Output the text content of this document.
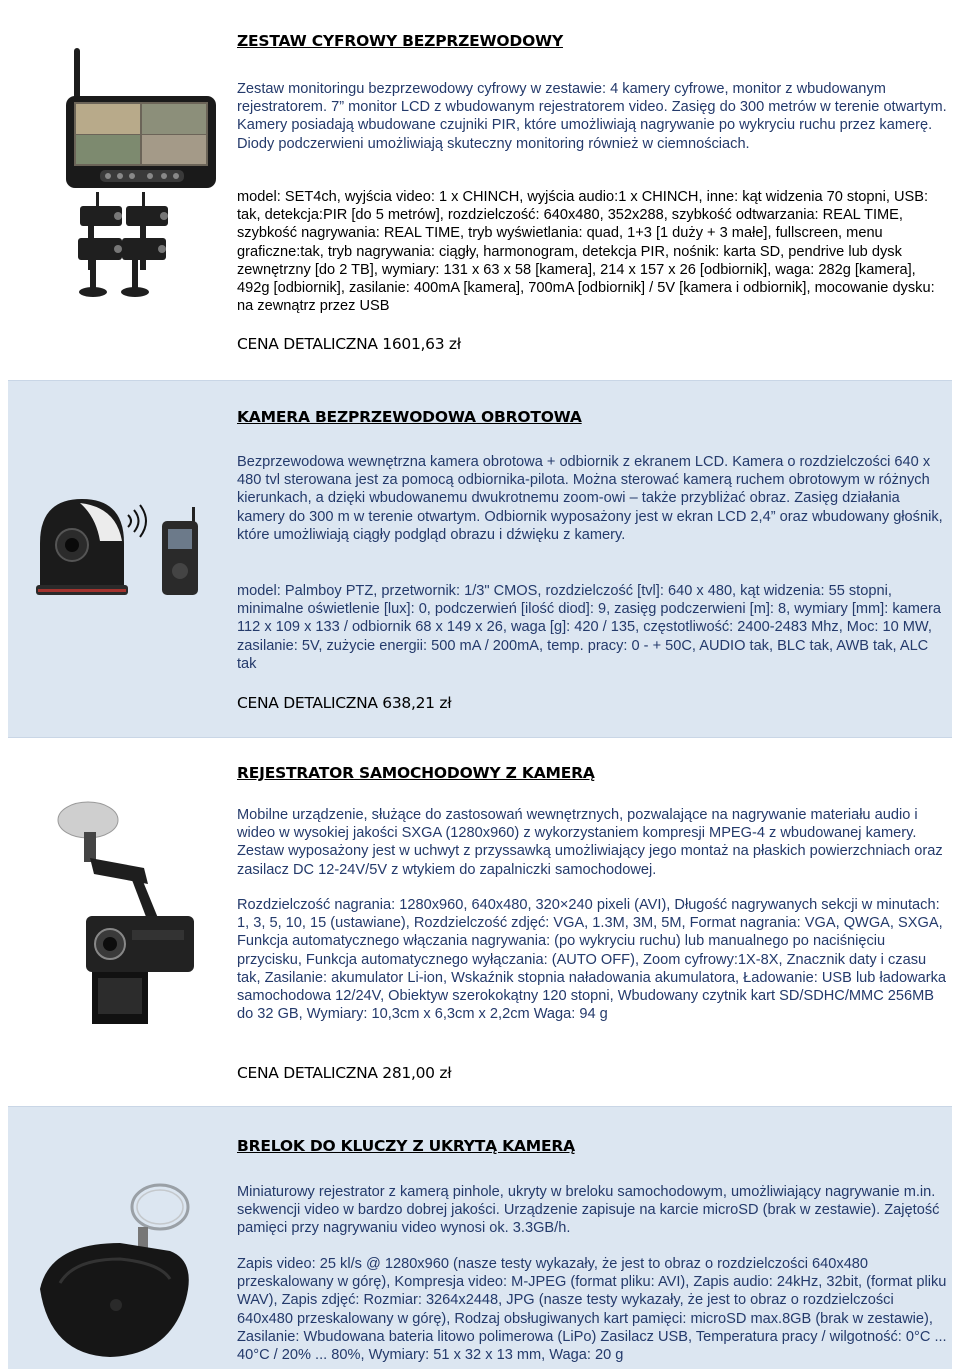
ZESTAW CYFROWY BEZPRZEWODOWY

Zestaw monitoringu bezprzewodowy cyfrowy w zestawie: 4 kamery cyfrowe, monitor z wbudowanym rejestratorem. 7” monitor LCD z wbudowanym rejestratorem video. Zasięg do 300 metrów w terenie otwartym. Kamery posiadają wbudowane czujniki PIR, które umożliwiają nagrywanie po wykryciu ruchu przez kamerę. Diody podczerwieni umożliwiają skuteczny monitoring również w ciemnościach.

model: SET4ch, wyjścia video: 1 x CHINCH, wyjścia audio:1 x CHINCH, inne: kąt widzenia 70 stopni, USB: tak, detekcja:PIR [do 5 metrów], rozdzielczość: 640x480, 352x288, szybkość odtwarzania: REAL TIME, szybkość nagrywania: REAL TIME, tryb wyświetlania: quad, 1+3 [1 duży + 3 małe], fullscreen, menu graficzne:tak, tryb nagrywania: ciągły, harmonogram, detekcja PIR, nośnik: karta SD, pendrive lub dysk zewnętrzny [do 2 TB], wymiary: 131 x 63 x 58 [kamera], 214 x 157 x 26 [odbiornik], waga: 282g [kamera], 492g [odbiornik], zasilanie: 400mA [kamera], 700mA [odbiornik] / 5V [kamera i odbiornik], mocowanie dysku: na zewnątrz przez USB

CENA DETALICZNA 1601,63 zł
KAMERA BEZPRZEWODOWA OBROTOWA

Bezprzewodowa wewnętrzna kamera obrotowa + odbiornik z ekranem LCD. Kamera o rozdzielczości 640 x 480 tvl sterowana jest za pomocą odbiornika-pilota. Można sterować kamerą ruchem obrotowym w różnych kierunkach, a dzięki wbudowanemu dwukrotnemu zoom-owi – także przybliżać obraz. Zasięg działania kamery do 300 m w terenie otwartym. Odbiornik wyposażony jest w ekran LCD 2,4” oraz wbudowany głośnik, które umożliwiają ciągły podgląd obrazu i dźwięku z kamery.

model: Palmboy PTZ, przetwornik: 1/3" CMOS, rozdzielczość [tvl]: 640 x 480, kąt widzenia: 55 stopni, minimalne oświetlenie [lux]: 0, podczerwień [ilość diod]: 9, zasięg podczerwieni [m]: 8, wymiary [mm]: kamera 112 x 109 x 133 / odbiornik 68 x 149 x 26, waga [g]: 420 / 135, częstotliwość: 2400-2483 Mhz, Moc: 10 MW, zasilanie: 5V, zużycie energii: 500 mA / 200mA, temp. pracy: 0 - + 50C, AUDIO tak, BLC tak, AWB tak, ALC tak

CENA DETALICZNA 638,21 zł
REJESTRATOR SAMOCHODOWY Z KAMERĄ

Mobilne urządzenie, służące do zastosowań wewnętrznych, pozwalające na nagrywanie materiału audio i wideo w wysokiej jakości SXGA (1280x960) z wykorzystaniem kompresji MPEG-4 z wbudowanej kamery. Zestaw wyposażony jest w uchwyt z przyssawką umożliwiający jego montaż na płaskich powierzchniach oraz zasilacz DC 12-24V/5V z wtykiem do zapalniczki samochodowej.

Rozdzielczość nagrania: 1280x960, 640x480, 320×240 pixeli (AVI), Długość nagrywanych sekcji w minutach: 1, 3, 5, 10, 15 (ustawiane), Rozdzielczość zdjęć: VGA, 1.3M, 3M, 5M, Format nagrania: VGA, QWGA, SXGA, Funkcja automatycznego włączania nagrywania: (po wykryciu ruchu) lub manualnego po naciśnięciu przycisku, Funkcja automatycznego wyłączania: (AUTO OFF), Zoom cyfrowy:1X-8X, Znacznik daty i czasu tak, Zasilanie: akumulator Li-ion, Wskaźnik stopnia naładowania akumulatora, Ładowanie: USB lub ładowarka samochodowa 12/24V, Obiektyw szerokokątny 120 stopni, Wbudowany czytnik kart SD/SDHC/MMC 256MB do 32 GB, Wymiary: 10,3cm x 6,3cm x 2,2cm Waga: 94 g

CENA DETALICZNA 281,00 zł
BRELOK DO KLUCZY Z UKRYTĄ KAMERĄ

Miniaturowy rejestrator z kamerą pinhole, ukryty w breloku samochodowym, umożliwiający nagrywanie m.in. sekwencji video w bardzo dobrej jakości. Urządzenie zapisuje na karcie microSD (brak w zestawie). Zajętość pamięci przy nagrywaniu video wynosi ok. 3.3GB/h.

Zapis video: 25 kl/s @ 1280x960 (nasze testy wykazały, że jest to obraz o rozdzielczości 640x480 przeskalowany w górę), Kompresja video: M-JPEG (format pliku: AVI), Zapis audio: 24kHz, 32bit, (format pliku WAV), Zapis zdjęć: Rozmiar: 3264x2448, JPG (nasze testy wykazały, że jest to obraz o rozdzielczości 640x480 przeskalowany w górę), Rodzaj obsługiwanych kart pamięci: microSD max.8GB (brak w zestawie), Zasilanie: Wbudowana bateria litowo polimerowa (LiPo) Zasilacz USB, Temperatura pracy / wilgotność: 0°C ... 40°C / 20% ... 80%, Wymiary: 51 x 32 x 13 mm, Waga: 20 g
